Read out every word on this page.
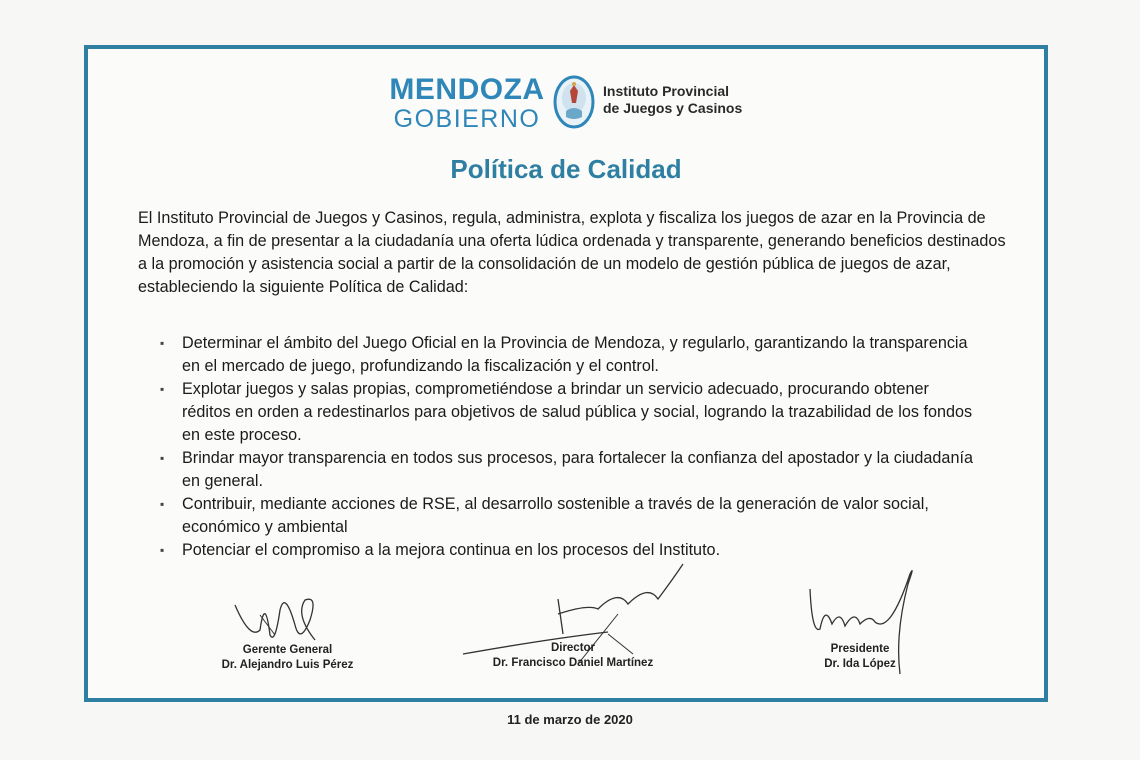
MENDOZA
GOBIERNO
Instituto Provincial
de Juegos y Casinos
Política de Calidad
El Instituto Provincial de Juegos y Casinos, regula, administra, explota y fiscaliza los juegos de azar en la Provincia de Mendoza, a fin de presentar a la ciudadanía una oferta lúdica ordenada y transparente, generando beneficios destinados a la promoción y asistencia social a partir de la consolidación de un modelo de gestión pública de juegos de azar, estableciendo la siguiente Política de Calidad:
▪ Determinar el ámbito del Juego Oficial en la Provincia de Mendoza, y regularlo, garantizando la transparencia en el mercado de juego, profundizando la fiscalización y el control.
▪ Explotar juegos y salas propias, comprometiéndose a brindar un servicio adecuado, procurando obtener réditos en orden a redestinarlos para objetivos de salud pública y social, logrando la trazabilidad de los fondos en este proceso.
▪ Brindar mayor transparencia en todos sus procesos, para fortalecer la confianza del apostador y la ciudadanía en general.
▪ Contribuir, mediante acciones de RSE, al desarrollo sostenible a través de la generación de valor social, económico y ambiental
▪ Potenciar el compromiso a la mejora continua en los procesos del Instituto.
Gerente General
Dr. Alejandro Luis Pérez
Director
Dr. Francisco Daniel Martínez
Presidente
Dr. Ida López
11 de marzo de 2020
